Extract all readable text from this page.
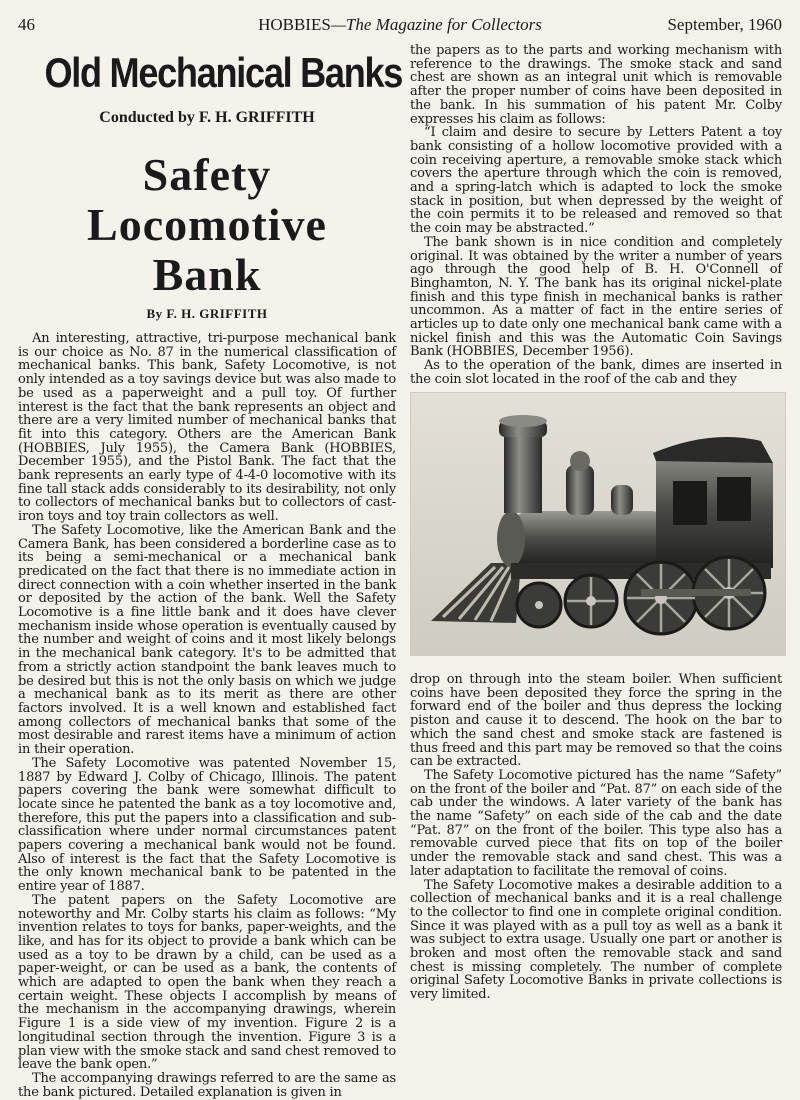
46	HOBBIES—The Magazine for Collectors	September, 1960
Old Mechanical Banks
Conducted by F. H. GRIFFITH
Safety Locomotive
Bank
By F. H. GRIFFITH

An interesting, attractive, tri-purpose mechanical bank is our choice as No. 87 in the numerical classification of mechanical banks. This bank, Safety Locomotive, is not only intended as a toy savings device but was also made to be used as a paperweight and a pull toy. Of further interest is the fact that the bank represents an object and there are a very limited number of mechanical banks that fit into this category. Others are the American Bank (HOBBIES, July 1955), the Camera Bank (HOBBIES, December 1955), and the Pistol Bank. The fact that the bank represents an early type of 4-4-0 locomotive with its fine tall stack adds considerably to its desirability, not only to collectors of mechanical banks but to collectors of cast-iron toys and toy train collectors as well.

The Safety Locomotive, like the American Bank and the Camera Bank, has been considered a borderline case as to its being a semi-mechanical or a mechanical bank predicated on the fact that there is no immediate action in direct connection with a coin whether inserted in the bank or deposited by the action of the bank. Well the Safety Locomotive is a fine little bank and it does have clever mechanism inside whose operation is eventually caused by the number and weight of coins and it most likely belongs in the mechanical bank category. It's to be admitted that from a strictly action standpoint the bank leaves much to be desired but this is not the only basis on which we judge a mechanical bank as to its merit as there are other factors involved. It is a well known and established fact among collectors of mechanical banks that some of the most desirable and rarest items have a minimum of action in their operation.

The Safety Locomotive was patented November 15, 1887 by Edward J. Colby of Chicago, Illinois. The patent papers covering the bank were somewhat difficult to locate since he patented the bank as a toy locomotive and, therefore, this put the papers into a classification and sub-classification where under normal circumstances patent papers covering a mechanical bank would not be found. Also of interest is the fact that the Safety Locomotive is the only known mechanical bank to be patented in the entire year of 1887.

The patent papers on the Safety Locomotive are noteworthy and Mr. Colby starts his claim as follows: “My invention relates to toys for banks, paper-weights, and the like, and has for its object to provide a bank which can be used as a toy to be drawn by a child, can be used as a paper-weight, or can be used as a bank, the contents of which are adapted to open the bank when they reach a certain weight. These objects I accomplish by means of the mechanism in the accompanying drawings, wherein Figure 1 is a side view of my invention. Figure 2 is a longitudinal section through the invention. Figure 3 is a plan view with the smoke stack and sand chest removed to leave the bank open.”

The accompanying drawings referred to are the same as the bank pictured. Detailed explanation is given in

the papers as to the parts and working mechanism with reference to the drawings. The smoke stack and sand chest are shown as an integral unit which is removable after the proper number of coins have been deposited in the bank. In his summation of his patent Mr. Colby expresses his claim as follows:

“I claim and desire to secure by Letters Patent a toy bank consisting of a hollow locomotive provided with a coin receiving aperture, a removable smoke stack which covers the aperture through which the coin is removed, and a spring-latch which is adapted to lock the smoke stack in position, but when depressed by the weight of the coin permits it to be released and removed so that the coin may be abstracted.”

The bank shown is in nice condition and completely original. It was obtained by the writer a number of years ago through the good help of B. H. O'Connell of Binghamton, N. Y. The bank has its original nickel-plate finish and this type finish in mechanical banks is rather uncommon. As a matter of fact in the entire series of articles up to date only one mechanical bank came with a nickel finish and this was the Automatic Coin Savings Bank (HOBBIES, December 1956).

As to the operation of the bank, dimes are inserted in the coin slot located in the roof of the cab and they

drop on through into the steam boiler. When sufficient coins have been deposited they force the spring in the forward end of the boiler and thus depress the locking piston and cause it to descend. The hook on the bar to which the sand chest and smoke stack are fastened is thus freed and this part may be removed so that the coins can be extracted.

The Safety Locomotive pictured has the name “Safety” on the front of the boiler and “Pat. 87” on each side of the cab under the windows. A later variety of the bank has the name “Safety” on each side of the cab and the date “Pat. 87” on the front of the boiler. This type also has a removable curved piece that fits on top of the boiler under the removable stack and sand chest. This was a later adaptation to facilitate the removal of coins.

The Safety Locomotive makes a desirable addition to a collection of mechanical banks and it is a real challenge to the collector to find one in complete original condition. Since it was played with as a pull toy as well as a bank it was subject to extra usage. Usually one part or another is broken and most often the removable stack and sand chest is missing completely. The number of complete original Safety Locomotive Banks in private collections is very limited.
